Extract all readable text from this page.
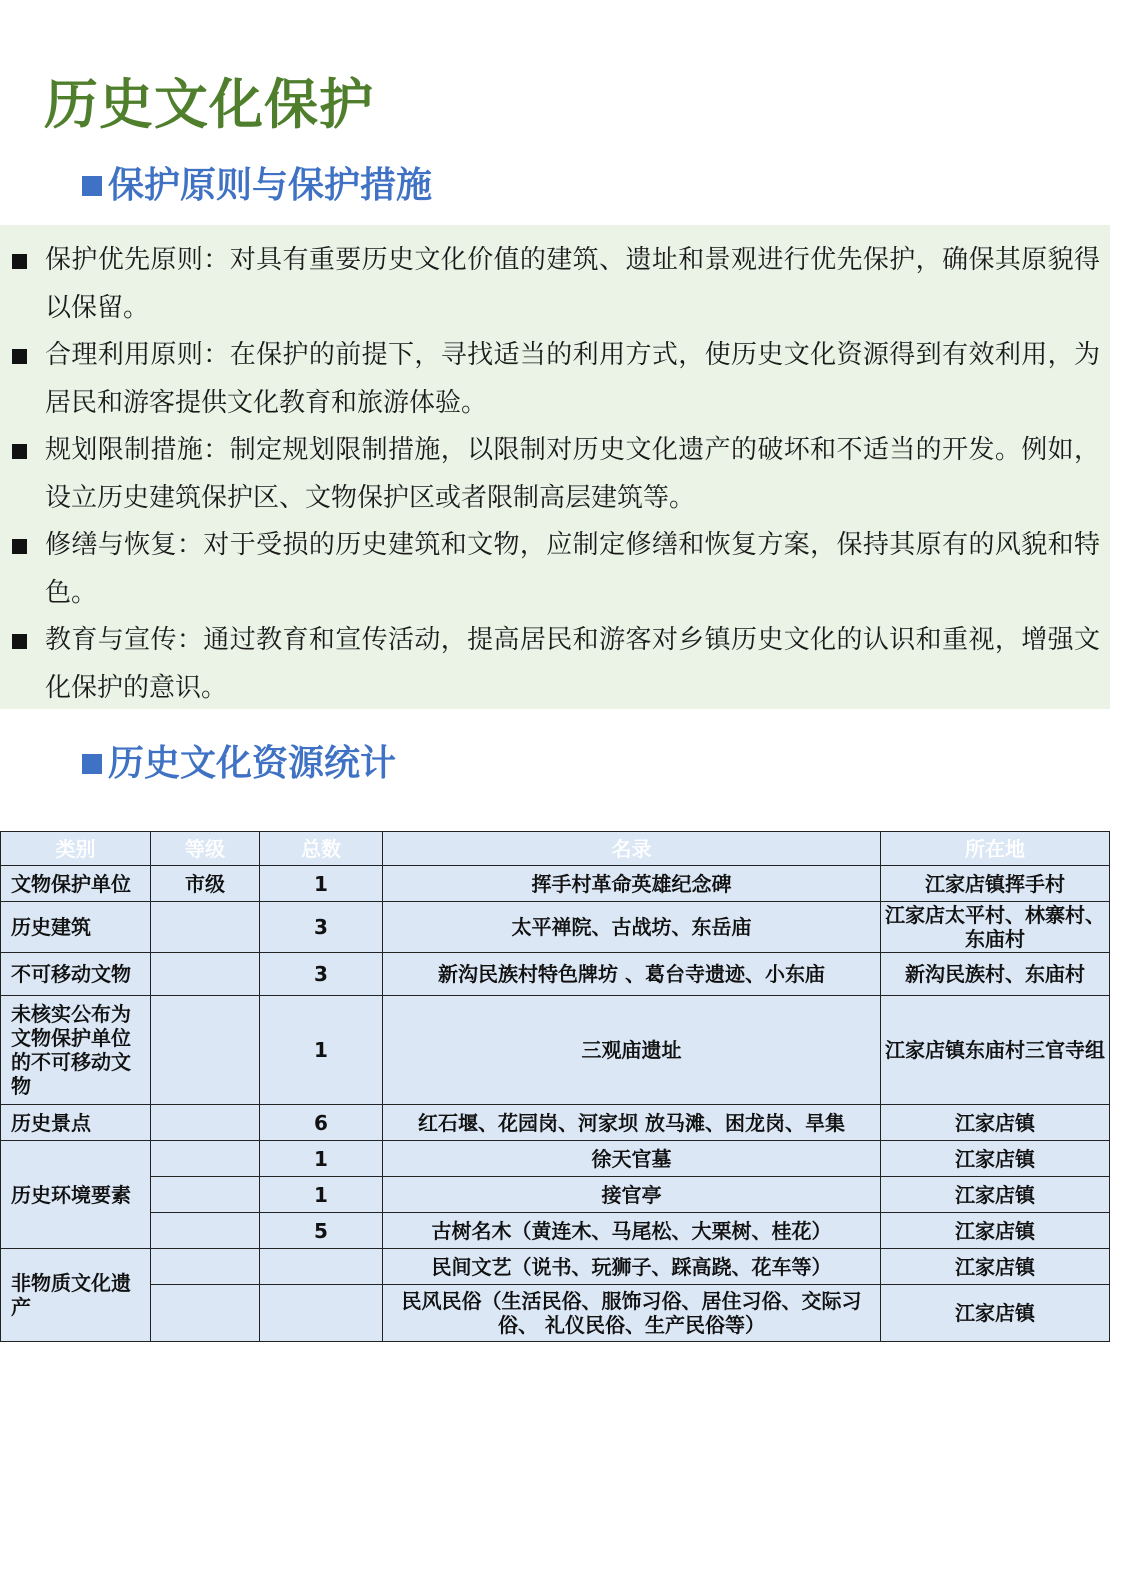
历史文化保护
保护原则与保护措施
保护优先原则：对具有重要历史文化价值的建筑、遗址和景观进行优先保护，确保其原貌得以保留。
合理利用原则：在保护的前提下，寻找适当的利用方式，使历史文化资源得到有效利用，为居民和游客提供文化教育和旅游体验。
规划限制措施：制定规划限制措施，以限制对历史文化遗产的破坏和不适当的开发。例如，设立历史建筑保护区、文物保护区或者限制高层建筑等。
修缮与恢复：对于受损的历史建筑和文物，应制定修缮和恢复方案，保持其原有的风貌和特色。
教育与宣传：通过教育和宣传活动，提高居民和游客对乡镇历史文化的认识和重视，增强文化保护的意识。
历史文化资源统计
类别	等级	总数	名录	所在地
文物保护单位	市级	1	挥手村革命英雄纪念碑	江家店镇挥手村
历史建筑		3	太平禅院、古战坊、东岳庙	江家店太平村、林寨村、东庙村
不可移动文物		3	新沟民族村特色牌坊 、葛台寺遗迹、小东庙	新沟民族村、东庙村
未核实公布为文物保护单位的不可移动文物		1	三观庙遗址	江家店镇东庙村三官寺组
历史景点		6	红石堰、花园岗、河家坝 放马滩、困龙岗、旱集	江家店镇
历史环境要素		1	徐天官墓	江家店镇
		1	接官亭	江家店镇
		5	古树名木（黄连木、马尾松、大栗树、桂花）	江家店镇
非物质文化遗产			民间文艺（说书、玩狮子、踩高跷、花车等）	江家店镇
			民风民俗（生活民俗、服饰习俗、居住习俗、交际习俗、 礼仪民俗、生产民俗等）	江家店镇
